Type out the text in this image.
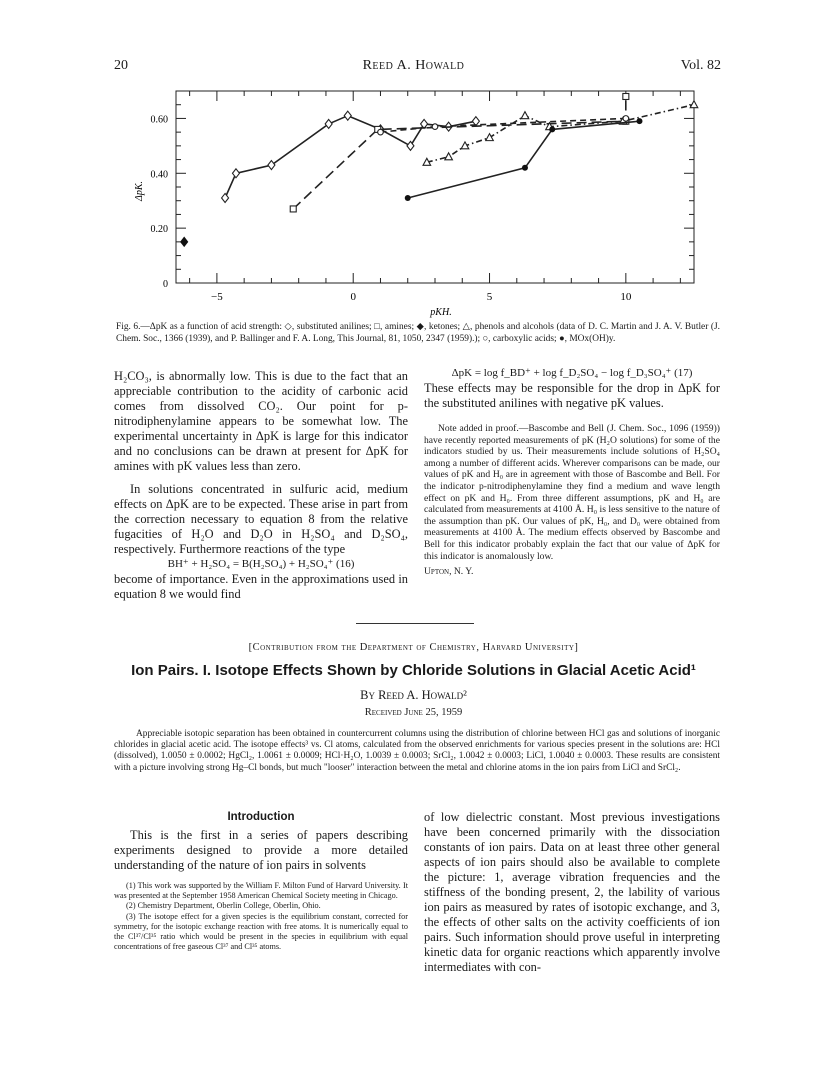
20	Reed A. Howald	Vol. 82
−5	0	5	10
0
0.20
0.40
0.60
pKH.
ΔpK.
Fig. 6.—ΔpK as a function of acid strength: ◇, substituted anilines; □, amines; ◆, ketones; △, phenols and alcohols (data of D. C. Martin and J. A. V. Butler (J. Chem. Soc., 1366 (1939), and P. Ballinger and F. A. Long, This Journal, 81, 1050, 2347 (1959).); ○, carboxylic acids; ●, MOx(OH)y.

H₂CO₃, is abnormally low. This is due to the fact that an appreciable contribution to the acidity of carbonic acid comes from dissolved CO₂. Our point for p-nitrodiphenylamine appears to be somewhat low. The experimental uncertainty in ΔpK is large for this indicator and no conclusions can be drawn at present for ΔpK for amines with pK values less than zero.

In solutions concentrated in sulfuric acid, medium effects on ΔpK are to be expected. These arise in part from the correction necessary to equation 8 from the relative fugacities of H₂O and D₂O in H₂SO₄ and D₂SO₄, respectively. Furthermore reactions of the type

BH⁺ + H₂SO₄ = B(H₂SO₄) + H₂SO₄⁺ (16)

become of importance. Even in the approximations used in equation 8 we would find

ΔpK = log f_BD⁺ + log f_D₂SO₄ − log f_D₃SO₄⁺ (17)

These effects may be responsible for the drop in ΔpK for the substituted anilines with negative pK values.

Note added in proof.—Bascombe and Bell (J. Chem. Soc., 1096 (1959)) have recently reported measurements of pK (H₂O solutions) for some of the indicators studied by us. Their measurements include solutions of H₂SO₄ among a number of different acids. Wherever comparisons can be made, our values of pK and H₀ are in agreement with those of Bascombe and Bell. For the indicator p-nitrodiphenylamine they find a medium and wave length effect on pK and H₀. From three different assumptions, pK and H₀ are calculated from measurements at 4100 Å. H₀ is less sensitive to the nature of the assumption than pK. Our values of pK, H₀, and D₀ were obtained from measurements at 4100 Å. The medium effects observed by Bascombe and Bell for this indicator probably explain the fact that our value of ΔpK for this indicator is anomalously low.

Upton, N. Y.

[Contribution from the Department of Chemistry, Harvard University]
Ion Pairs. I. Isotope Effects Shown by Chloride Solutions in Glacial Acetic Acid¹
By Reed A. Howald²
Received June 25, 1959
Appreciable isotopic separation has been obtained in countercurrent columns using the distribution of chlorine between HCl gas and solutions of inorganic chlorides in glacial acetic acid. The isotope effects³ vs. Cl atoms, calculated from the observed enrichments for various species present in the solutions are: HCl (dissolved), 1.0050 ± 0.0002; HgCl₂, 1.0061 ± 0.0009; HCl·H₂O, 1.0039 ± 0.0003; SrCl₂, 1.0042 ± 0.0003; LiCl, 1.0040 ± 0.0003. These results are consistent with a picture involving strong Hg–Cl bonds, but much "looser" interaction between the metal and chlorine atoms in the ion pairs from LiCl and SrCl₂.

Introduction

This is the first in a series of papers describing experiments designed to provide a more detailed understanding of the nature of ion pairs in solvents

(1) This work was supported by the William F. Milton Fund of Harvard University. It was presented at the September 1958 American Chemical Society meeting in Chicago.

(2) Chemistry Department, Oberlin College, Oberlin, Ohio.

(3) The isotope effect for a given species is the equilibrium constant, corrected for symmetry, for the isotopic exchange reaction with free atoms. It is numerically equal to the Cl³⁷/Cl³⁵ ratio which would be present in the species in equilibrium with equal concentrations of free gaseous Cl³⁷ and Cl³⁵ atoms.

of low dielectric constant. Most previous investigations have been concerned primarily with the dissociation constants of ion pairs. Data on at least three other general aspects of ion pairs should also be available to complete the picture: 1, average vibration frequencies and the stiffness of the bonding present, 2, the lability of various ion pairs as measured by rates of isotopic exchange, and 3, the effects of other salts on the activity coefficients of ion pairs. Such information should prove useful in interpreting kinetic data for organic reactions which apparently involve intermediates with con-
